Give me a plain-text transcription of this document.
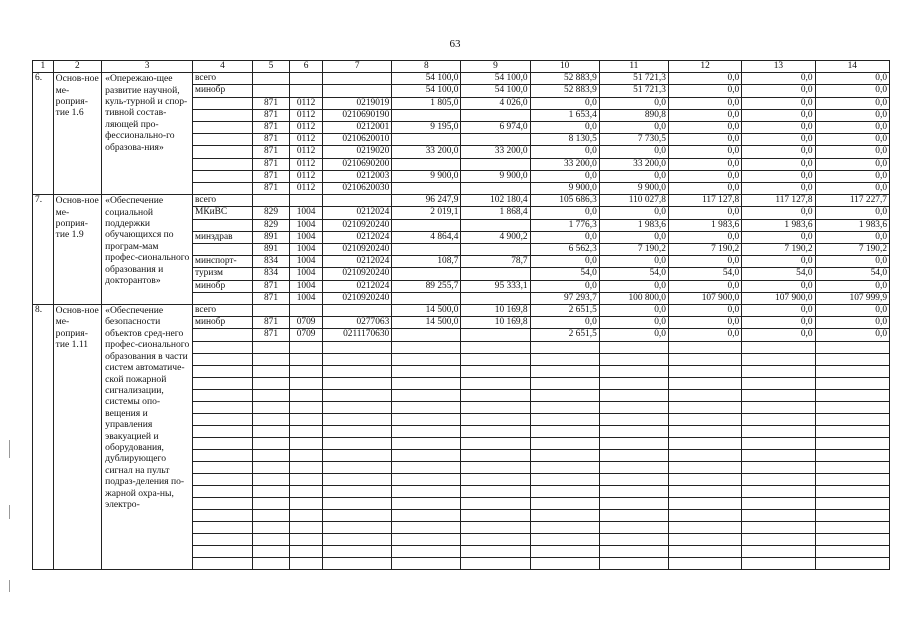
63
1	2	3	4	5	6	7	8	9	10	11	12	13	14
6.	Основ-ное ме-роприя-тие 1.6	«Опережаю-щее развитие научной, куль-турной и спор-тивной состав-ляющей про-фессионально-го образова-ния»	всего				54 100,0	54 100,0	52 883,9	51 721,3	0,0	0,0	0,0
			минобр				54 100,0	54 100,0	52 883,9	51 721,3	0,0	0,0	0,0
				871	0112	0219019	1 805,0	4 026,0	0,0	0,0	0,0	0,0	0,0
				871	0112	0210690190			1 653,4	890,8	0,0	0,0	0,0
				871	0112	0212001	9 195,0	6 974,0	0,0	0,0	0,0	0,0	0,0
				871	0112	0210620010			8 130,5	7 730,5	0,0	0,0	0,0
				871	0112	0219020	33 200,0	33 200,0	0,0	0,0	0,0	0,0	0,0
				871	0112	0210690200			33 200,0	33 200,0	0,0	0,0	0,0
				871	0112	0212003	9 900,0	9 900,0	0,0	0,0	0,0	0,0	0,0
				871	0112	0210620030			9 900,0	9 900,0	0,0	0,0	0,0
7.	Основ-ное ме-роприя-тие 1.9	«Обеспечение социальной поддержки обучающихся по програм-мам профес-сионального образования и докторантов»	всего				96 247,9	102 180,4	105 686,3	110 027,8	117 127,8	117 127,8	117 227,7
			МКиВС	829	1004	0212024	2 019,1	1 868,4	0,0	0,0	0,0	0,0	0,0
				829	1004	0210920240			1 776,3	1 983,6	1 983,6	1 983,6	1 983,6
			минздрав	891	1004	0212024	4 864,4	4 900,2	0,0	0,0	0,0	0,0	0,0
				891	1004	0210920240			6 562,3	7 190,2	7 190,2	7 190,2	7 190,2
			минспорт-	834	1004	0212024	108,7	78,7	0,0	0,0	0,0	0,0	0,0
			туризм	834	1004	0210920240			54,0	54,0	54,0	54,0	54,0
			минобр	871	1004	0212024	89 255,7	95 333,1	0,0	0,0	0,0	0,0	0,0
				871	1004	0210920240			97 293,7	100 800,0	107 900,0	107 900,0	107 999,9
8.	Основ-ное ме-роприя-тие 1.11	«Обеспечение безопасности объектов сред-него профес-сионального образования в части систем автоматиче-ской пожарной сигнализации, системы опо-вещения и управления эвакуацией и оборудования, дублирующего сигнал на пульт подраз-деления по-жарной охра-ны, электро-	всего				14 500,0	10 169,8	2 651,5	0,0	0,0	0,0	0,0
			минобр	871	0709	0277063	14 500,0	10 169,8	0,0	0,0	0,0	0,0	0,0
				871	0709	0211170630			2 651,5	0,0	0,0	0,0	0,0
